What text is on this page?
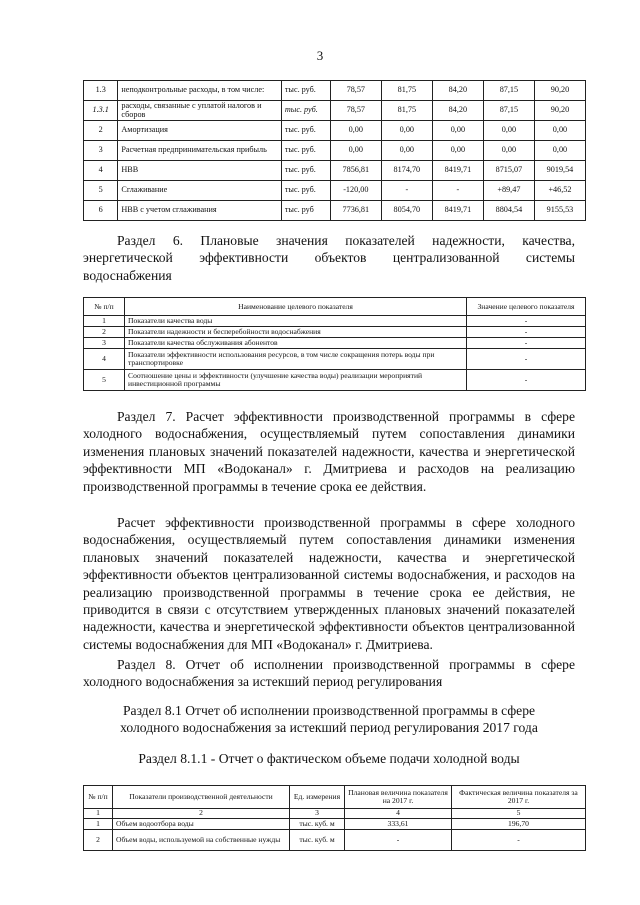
3
1.3	неподконтрольные расходы, в том числе:	тыс. руб.	78,57	81,75	84,20	87,15	90,20
1.3.1	расходы, связанные с уплатой налогов и сборов	тыс. руб.	78,57	81,75	84,20	87,15	90,20
2	Амортизация	тыс. руб.	0,00	0,00	0,00	0,00	0,00
3	Расчетная предпринимательская прибыль	тыс. руб.	0,00	0,00	0,00	0,00	0,00
4	НВВ	тыс. руб.	7856,81	8174,70	8419,71	8715,07	9019,54
5	Сглаживание	тыс. руб.	-120,00	-	-	+89,47	+46,52
6	НВВ с учетом сглаживания	тыс. руб	7736,81	8054,70	8419,71	8804,54	9155,53

Раздел 6. Плановые значения показателей надежности, качества, энергетической эффективности объектов централизованной системы водоснабжения

№ п/п	Наименование целевого показателя	Значение целевого показателя
1	Показатели качества воды	-
2	Показатели надежности и бесперебойности водоснабжения	-
3	Показатели качества обслуживания абонентов	-
4	Показатели эффективности использования ресурсов, в том числе сокращения потерь воды при транспортировке	-
5	Соотношение цены и эффективности (улучшение качества воды) реализации мероприятий инвестиционной программы	-

Раздел 7. Расчет эффективности производственной программы в сфере холодного водоснабжения, осуществляемый путем сопоставления динамики изменения плановых значений показателей надежности, качества и энергетической эффективности МП «Водоканал» г. Дмитриева и расходов на реализацию производственной программы в течение срока ее действия.

Расчет эффективности производственной программы в сфере холодного водоснабжения, осуществляемый путем сопоставления динамики изменения плановых значений показателей надежности, качества и энергетической эффективности объектов централизованной системы водоснабжения, и расходов на реализацию производственной программы в течение срока ее действия, не приводится в связи с отсутствием утвержденных плановых значений показателей надежности, качества и энергетической эффективности объектов централизованной системы водоснабжения для МП «Водоканал» г. Дмитриева.

Раздел 8. Отчет об исполнении производственной программы в сфере холодного водоснабжения за истекший период регулирования

Раздел 8.1 Отчет об исполнении производственной программы в сфере
холодного водоснабжения за истекший период регулирования 2017 года

Раздел 8.1.1 - Отчет о фактическом объеме подачи холодной воды

№ п/п	Показатели производственной деятельности	Ед. измерения	Плановая величина показателя на 2017 г.	Фактическая величина показателя за 2017 г.
1	2	3	4	5
1	Объем водоотбора воды	тыс. куб. м	333,61	196,70
2	Объем воды, используемой на собственные нужды	тыс. куб. м	-	-
